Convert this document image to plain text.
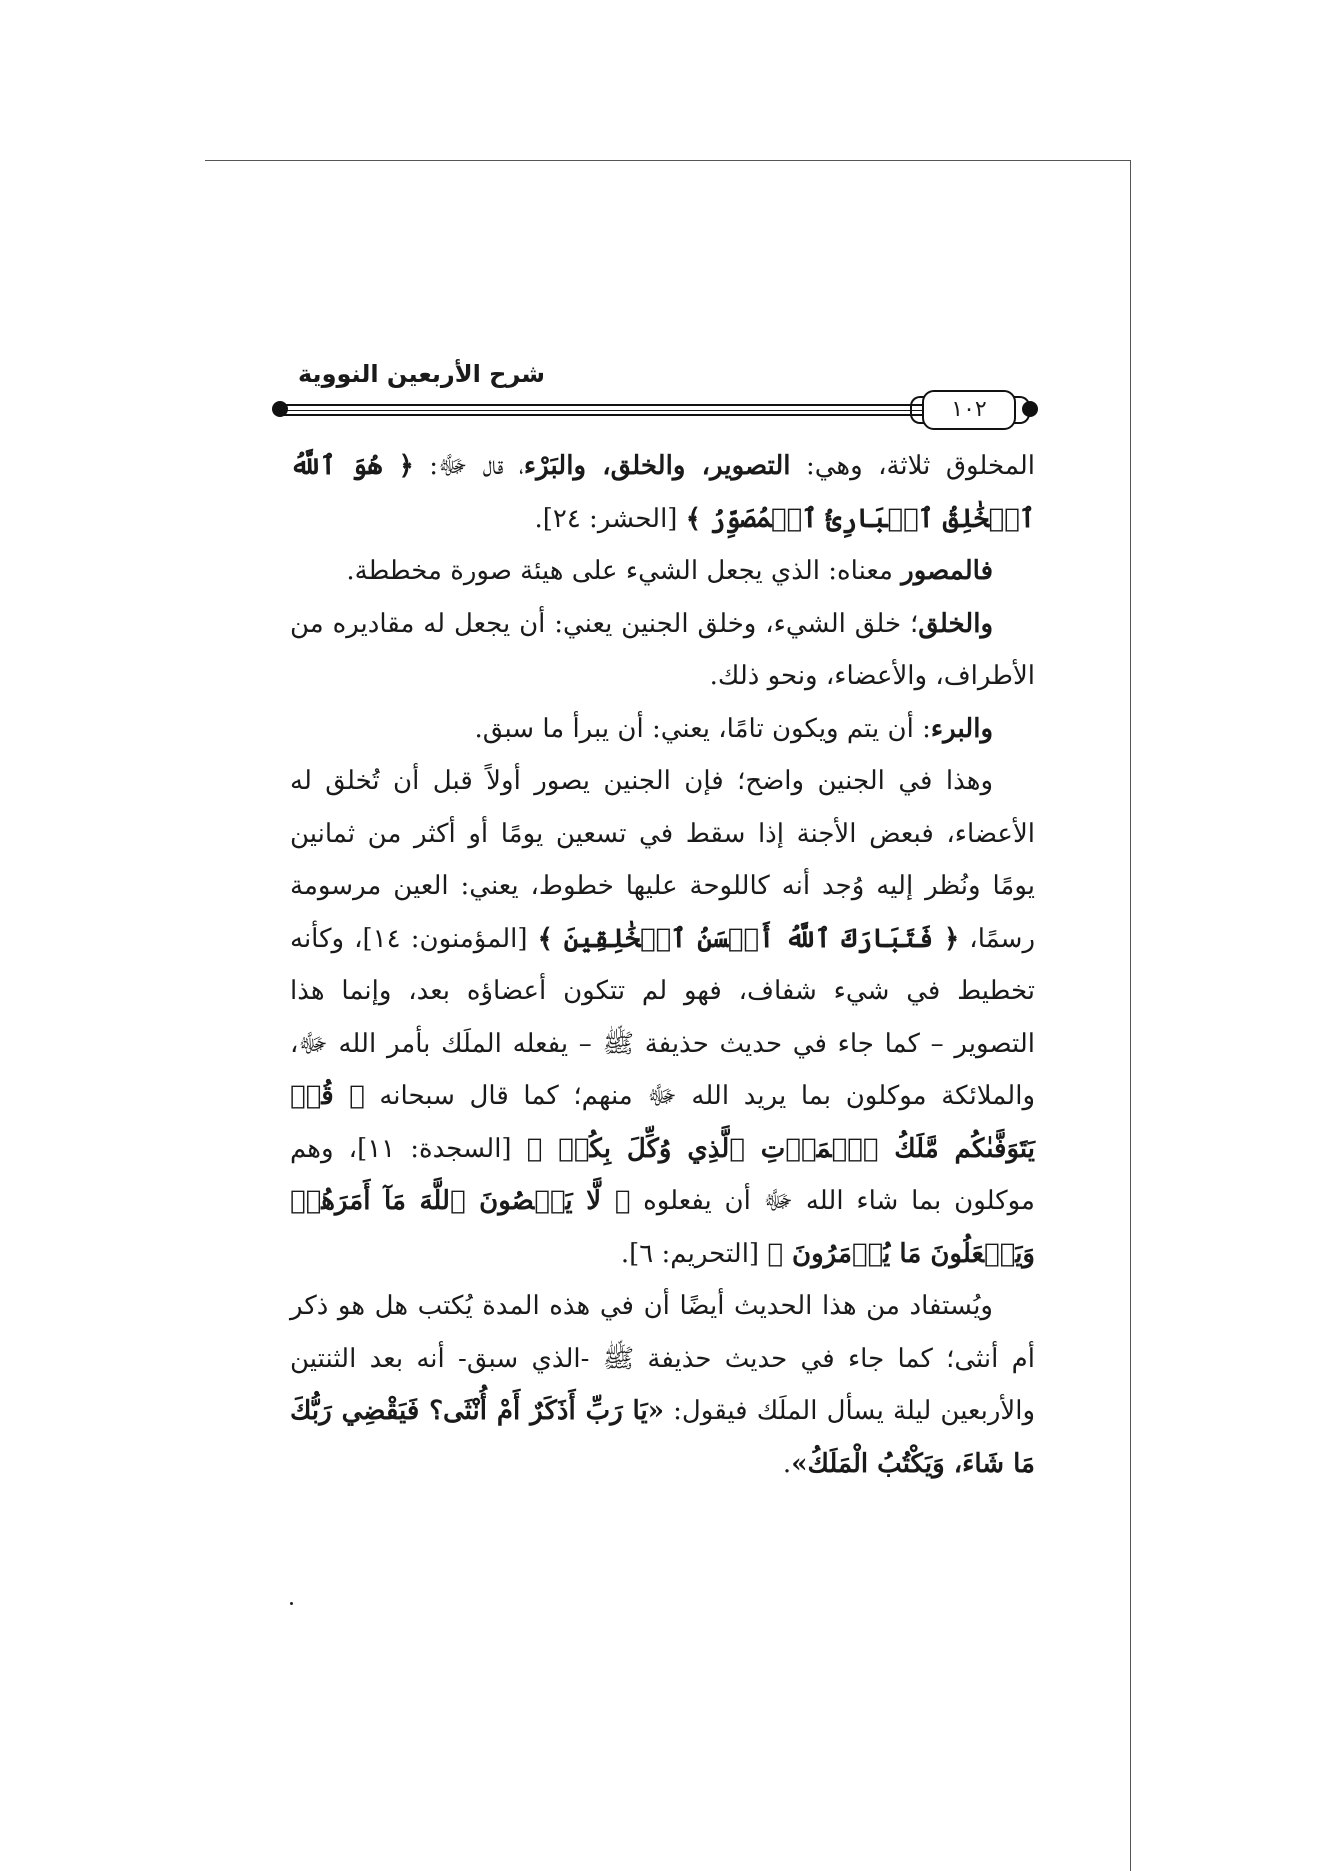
شرح الأربعين النووية
١٠٢

المخلوق ثلاثة، وهي: التصوير، والخلق، والبَرْء، قال ﷻ: ﴿ هُوَ ٱللَّهُ ٱلۡخَٰلِقُ ٱلۡبَارِئُ ٱلۡمُصَوِّرُ ﴾ [الحشر: ٢٤].

فالمصور معناه: الذي يجعل الشيء على هيئة صورة مخططة.

والخلق؛ خلق الشيء، وخلق الجنين يعني: أن يجعل له مقاديره من الأطراف، والأعضاء، ونحو ذلك.

والبرء: أن يتم ويكون تامًا، يعني: أن يبرأ ما سبق.

وهذا في الجنين واضح؛ فإن الجنين يصور أولاً قبل أن تُخلق له الأعضاء، فبعض الأجنة إذا سقط في تسعين يومًا أو أكثر من ثمانين يومًا ونُظر إليه وُجد أنه كاللوحة عليها خطوط، يعني: العين مرسومة رسمًا، ﴿ فَتَبَارَكَ ٱللَّهُ أَحۡسَنُ ٱلۡخَٰلِقِينَ ﴾ [المؤمنون: ١٤]، وكأنه تخطيط في شيء شفاف، فهو لم تتكون أعضاؤه بعد، وإنما هذا التصوير – كما جاء في حديث حذيفة ﷺ – يفعله الملَك بأمر الله ﷻ، والملائكة موكلون بما يريد الله ﷻ منهم؛ كما قال سبحانه ﴿ قُلۡ يَتَوَفَّىٰكُم مَّلَكُ ٱلۡمَوۡتِ ٱلَّذِي وُكِّلَ بِكُمۡ ﴾ [السجدة: ١١]، وهم موكلون بما شاء الله ﷻ أن يفعلوه ﴿ لَّا يَعۡصُونَ ٱللَّهَ مَآ أَمَرَهُمۡ وَيَفۡعَلُونَ مَا يُؤۡمَرُونَ ﴾ [التحريم: ٦].

ويُستفاد من هذا الحديث أيضًا أن في هذه المدة يُكتب هل هو ذكر أم أنثى؛ كما جاء في حديث حذيفة ﷺ -الذي سبق- أنه بعد الثنتين والأربعين ليلة يسأل الملَك فيقول: «يَا رَبِّ أَذَكَرٌ أَمْ أُنْثَى؟ فَيَقْضِي رَبُّكَ مَا شَاءَ، وَيَكْتُبُ الْمَلَكُ».
